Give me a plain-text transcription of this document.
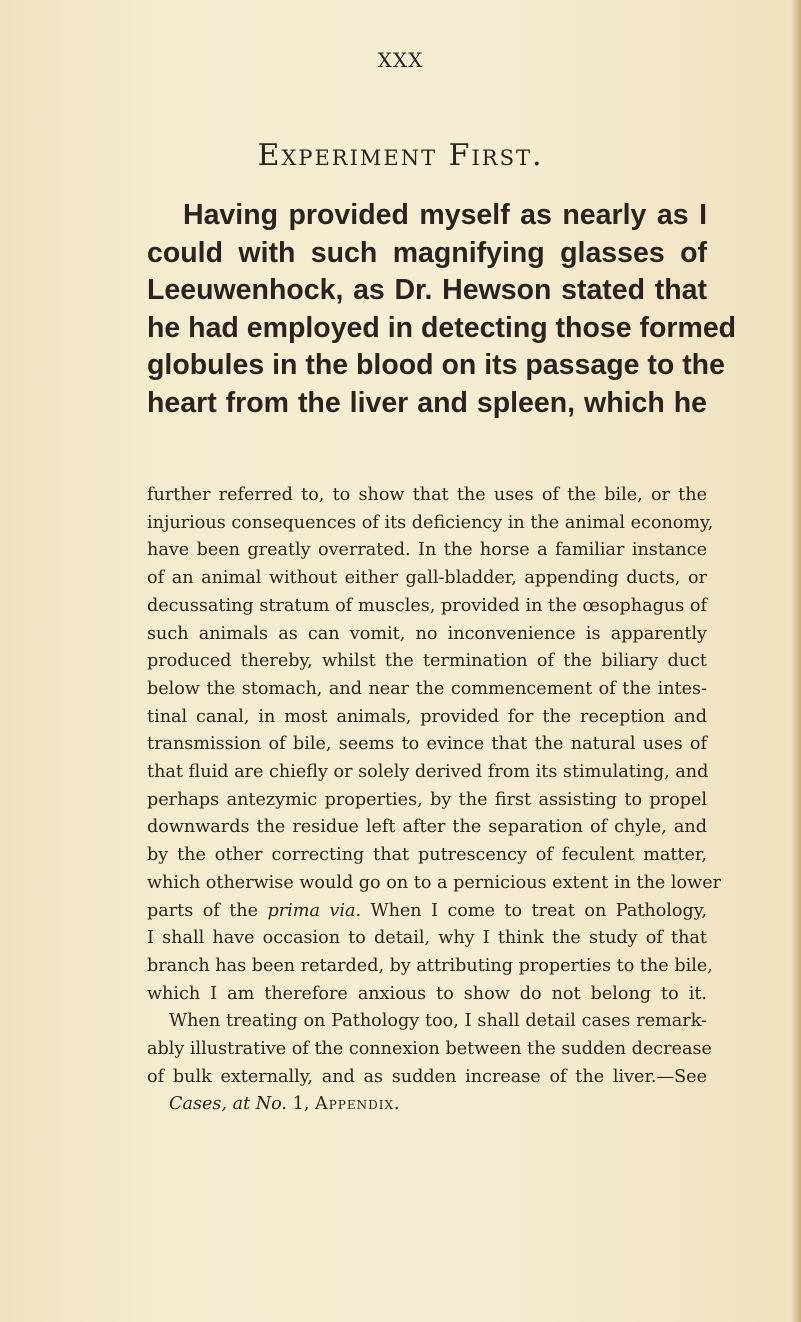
XXX
Experiment First.
Having provided myself as nearly as I
could with such magnifying glasses of
Leeuwenhock, as Dr. Hewson stated that
he had employed in detecting those formed
globules in the blood on its passage to the
heart from the liver and spleen, which he
further referred to, to show that the uses of the bile, or the
injurious consequences of its deficiency in the animal economy,
have been greatly overrated. In the horse a familiar instance
of an animal without either gall-bladder, appending ducts, or
decussating stratum of muscles, provided in the œsophagus of
such animals as can vomit, no inconvenience is apparently
produced thereby, whilst the termination of the biliary duct
below the stomach, and near the commencement of the intes-
tinal canal, in most animals, provided for the reception and
transmission of bile, seems to evince that the natural uses of
that fluid are chiefly or solely derived from its stimulating, and
perhaps antezymic properties, by the first assisting to propel
downwards the residue left after the separation of chyle, and
by the other correcting that putrescency of feculent matter,
which otherwise would go on to a pernicious extent in the lower
parts of the prima via. When I come to treat on Pathology,
I shall have occasion to detail, why I think the study of that
branch has been retarded, by attributing properties to the bile,
which I am therefore anxious to show do not belong to it.
When treating on Pathology too, I shall detail cases remark-
ably illustrative of the connexion between the sudden decrease
of bulk externally, and as sudden increase of the liver.—See
Cases, at No. 1, Appendix.
